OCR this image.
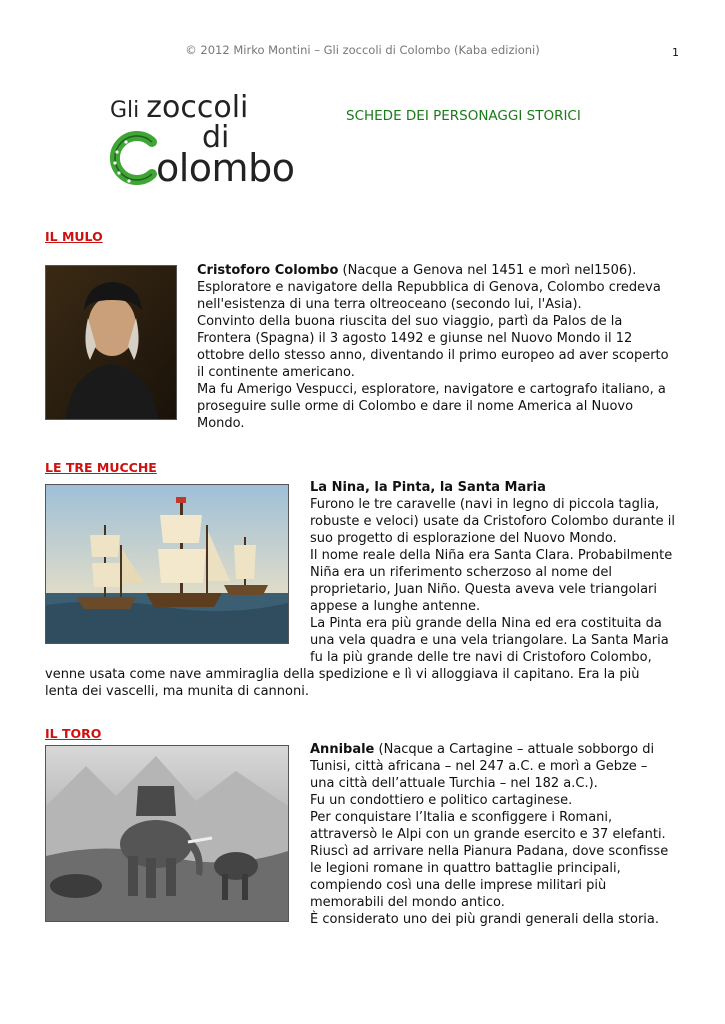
© 2012 Mirko Montini – Gli zoccoli di Colombo (Kaba edizioni)	1
Gli zoccoli
di
olombo
SCHEDE DEI PERSONAGGI STORICI
IL MULO

Cristoforo Colombo (Nacque a Genova nel 1451 e morì nel1506).

Esploratore e navigatore della Repubblica di Genova, Colombo credeva

nell'esistenza di una terra oltreoceano (secondo lui, l'Asia).

Convinto della buona riuscita del suo viaggio, partì da Palos de la

Frontera (Spagna) il 3 agosto 1492 e giunse nel Nuovo Mondo il 12

ottobre dello stesso anno, diventando il primo europeo ad aver scoperto

il continente americano.

Ma fu Amerigo Vespucci, esploratore, navigatore e cartografo italiano, a

proseguire sulle orme di Colombo e dare il nome America al Nuovo

Mondo.

LE TRE MUCCHE

La Nina, la Pinta, la Santa Maria

Furono le tre caravelle (navi in legno di piccola taglia,

robuste e veloci) usate da Cristoforo Colombo durante il

suo progetto di esplorazione del Nuovo Mondo.

Il nome reale della Niña era Santa Clara. Probabilmente

Niña era un riferimento scherzoso al nome del

proprietario, Juan Niño. Questa aveva vele triangolari

appese a lunghe antenne.

La Pinta era più grande della Nina ed era costituita da

una vela quadra e una vela triangolare. La Santa Maria

fu la più grande delle tre navi di Cristoforo Colombo,

venne usata come nave ammiraglia della spedizione e lì vi alloggiava il capitano. Era la più

lenta dei vascelli, ma munita di cannoni.

IL TORO

Annibale (Nacque a Cartagine – attuale sobborgo di

Tunisi, città africana – nel 247 a.C. e morì a Gebze –

una città dell’attuale Turchia – nel 182 a.C.).

Fu un condottiero e politico cartaginese.

Per conquistare l’Italia e sconfiggere i Romani,

attraversò le Alpi con un grande esercito e 37 elefanti.

Riuscì ad arrivare nella Pianura Padana, dove sconfisse

le legioni romane in quattro battaglie principali,

compiendo così una delle imprese militari più

memorabili del mondo antico.

È considerato uno dei più grandi generali della storia.
